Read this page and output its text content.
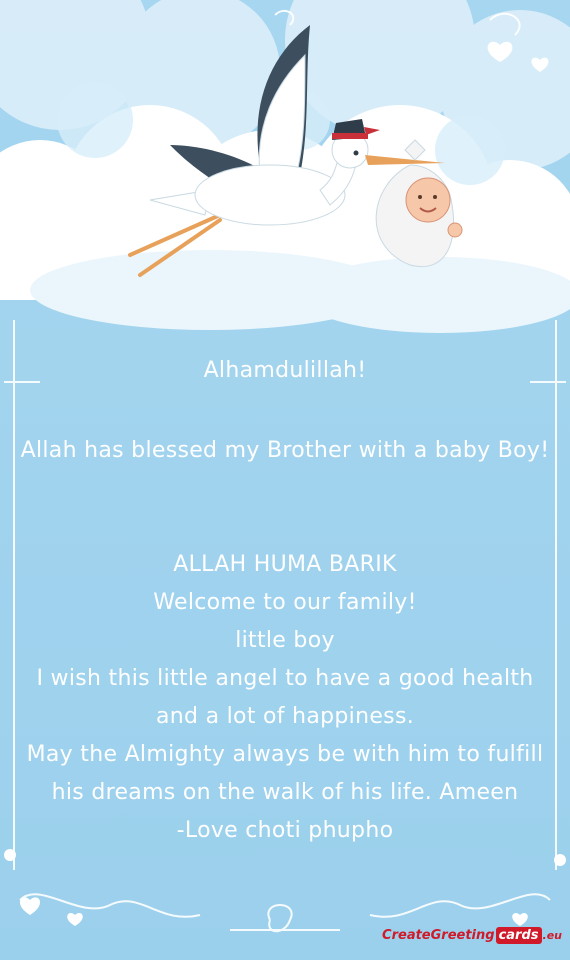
Alhamdulillah!
Allah has blessed my Brother with a baby Boy!
ALLAH HUMA BARIK
Welcome to our family!
little boy
I wish this little angel to have a good health
and a lot of happiness.
May the Almighty always be with him to fulfill
his dreams on the walk of his life. Ameen
-Love choti phupho
CreateGreeting cards .eu
